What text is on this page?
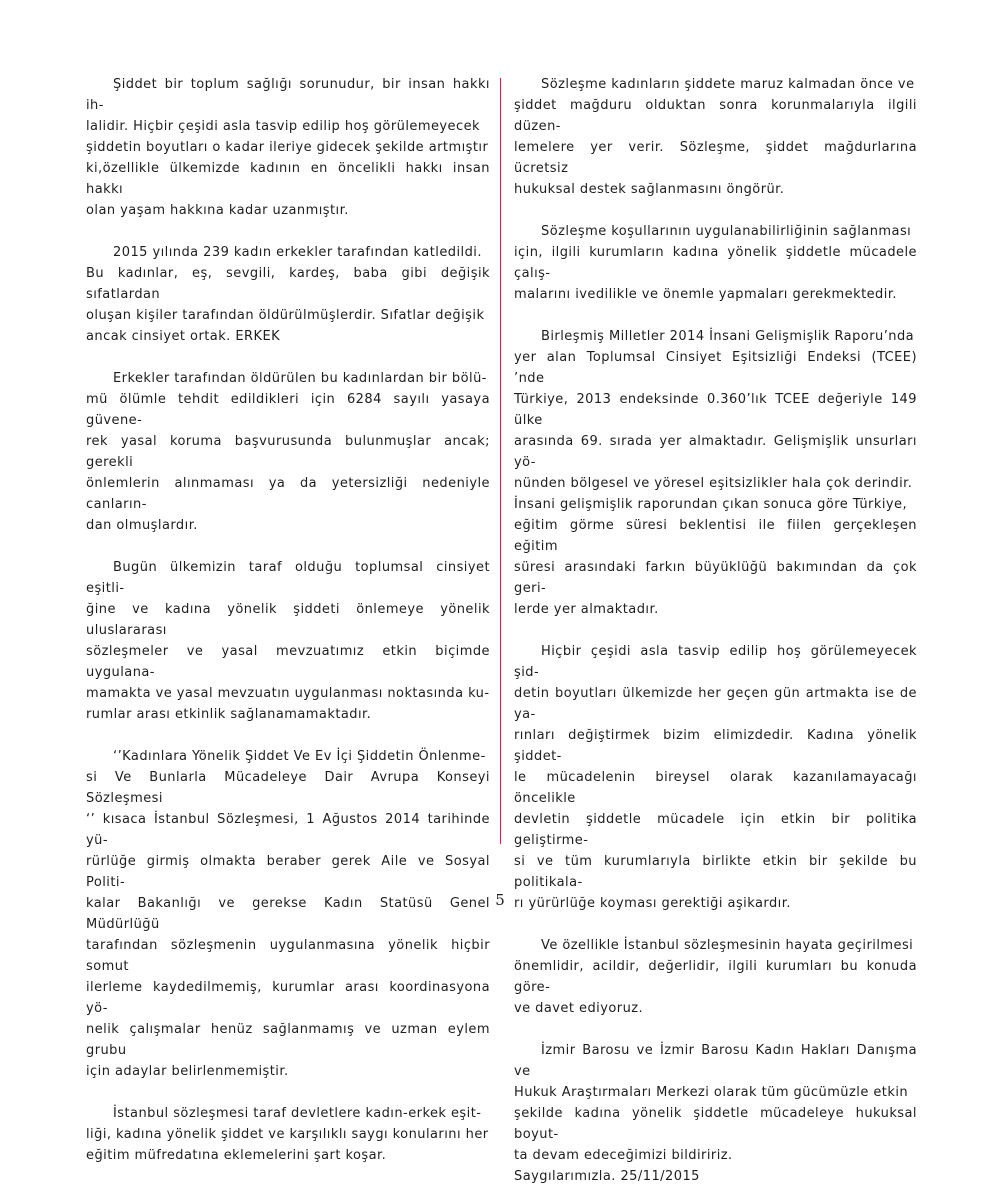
Şiddet bir toplum sağlığı sorunudur, bir insan hakkı ih-
lalidir. Hiçbir çeşidi asla tasvip edilip hoş görülemeyecek
şiddetin boyutları o kadar ileriye gidecek şekilde artmıştır
ki,özellikle ülkemizde kadının en öncelikli hakkı insan hakkı
olan yaşam hakkına kadar uzanmıştır.

2015 yılında 239 kadın erkekler tarafından katledildi.
Bu kadınlar, eş, sevgili, kardeş, baba gibi değişik sıfatlardan
oluşan kişiler tarafından öldürülmüşlerdir. Sıfatlar değişik
ancak cinsiyet ortak. ERKEK

Erkekler tarafından öldürülen bu kadınlardan bir bölü-
mü ölümle tehdit edildikleri için 6284 sayılı yasaya güvene-
rek yasal koruma başvurusunda bulunmuşlar ancak; gerekli
önlemlerin alınmaması ya da yetersizliği nedeniyle canların-
dan olmuşlardır.

Bugün ülkemizin taraf olduğu toplumsal cinsiyet eşitli-
ğine ve kadına yönelik şiddeti önlemeye yönelik uluslararası
sözleşmeler ve yasal mevzuatımız etkin biçimde uygulana-
mamakta ve yasal mevzuatın uygulanması noktasında ku-
rumlar arası etkinlik sağlanamamaktadır.

‘’Kadınlara Yönelik Şiddet Ve Ev İçi Şiddetin Önlenme-
si Ve Bunlarla Mücadeleye Dair Avrupa Konseyi Sözleşmesi
‘’ kısaca İstanbul Sözleşmesi, 1 Ağustos 2014 tarihinde yü-
rürlüğe girmiş olmakta beraber gerek Aile ve Sosyal Politi-
kalar Bakanlığı ve gerekse Kadın Statüsü Genel Müdürlüğü
tarafından sözleşmenin uygulanmasına yönelik hiçbir somut
ilerleme kaydedilmemiş, kurumlar arası koordinasyona yö-
nelik çalışmalar henüz sağlanmamış ve uzman eylem grubu
için adaylar belirlenmemiştir.

İstanbul sözleşmesi taraf devletlere kadın-erkek eşit-
liği, kadına yönelik şiddet ve karşılıklı saygı konularını her
eğitim müfredatına eklemelerini şart koşar.

Sözleşme kadınların şiddete maruz kalmadan önce ve
şiddet mağduru olduktan sonra korunmalarıyla ilgili düzen-
lemelere yer verir. Sözleşme, şiddet mağdurlarına ücretsiz
hukuksal destek sağlanmasını öngörür.

Sözleşme koşullarının uygulanabilirliğinin sağlanması
için, ilgili kurumların kadına yönelik şiddetle mücadele çalış-
malarını ivedilikle ve önemle yapmaları gerekmektedir.

Birleşmiş Milletler 2014 İnsani Gelişmişlik Raporu’nda
yer alan Toplumsal Cinsiyet Eşitsizliği Endeksi (TCEE) ’nde
Türkiye, 2013 endeksinde 0.360’lık TCEE değeriyle 149 ülke
arasında 69. sırada yer almaktadır. Gelişmişlik unsurları yö-
nünden bölgesel ve yöresel eşitsizlikler hala çok derindir.
İnsani gelişmişlik raporundan çıkan sonuca göre Türkiye,
eğitim görme süresi beklentisi ile fiilen gerçekleşen eğitim
süresi arasındaki farkın büyüklüğü bakımından da çok geri-
lerde yer almaktadır.

Hiçbir çeşidi asla tasvip edilip hoş görülemeyecek şid-
detin boyutları ülkemizde her geçen gün artmakta ise de ya-
rınları değiştirmek bizim elimizdedir. Kadına yönelik şiddet-
le mücadelenin bireysel olarak kazanılamayacağı öncelikle
devletin şiddetle mücadele için etkin bir politika geliştirme-
si ve tüm kurumlarıyla birlikte etkin bir şekilde bu politikala-
rı yürürlüğe koyması gerektiği aşikardır.

Ve özellikle İstanbul sözleşmesinin hayata geçirilmesi
önemlidir, acildir, değerlidir, ilgili kurumları bu konuda göre-
ve davet ediyoruz.

İzmir Barosu ve İzmir Barosu Kadın Hakları Danışma ve
Hukuk Araştırmaları Merkezi olarak tüm gücümüzle etkin
şekilde kadına yönelik şiddetle mücadeleye hukuksal boyut-
ta devam edeceğimizi bildiririz.

Saygılarımızla. 25/11/2015

5
